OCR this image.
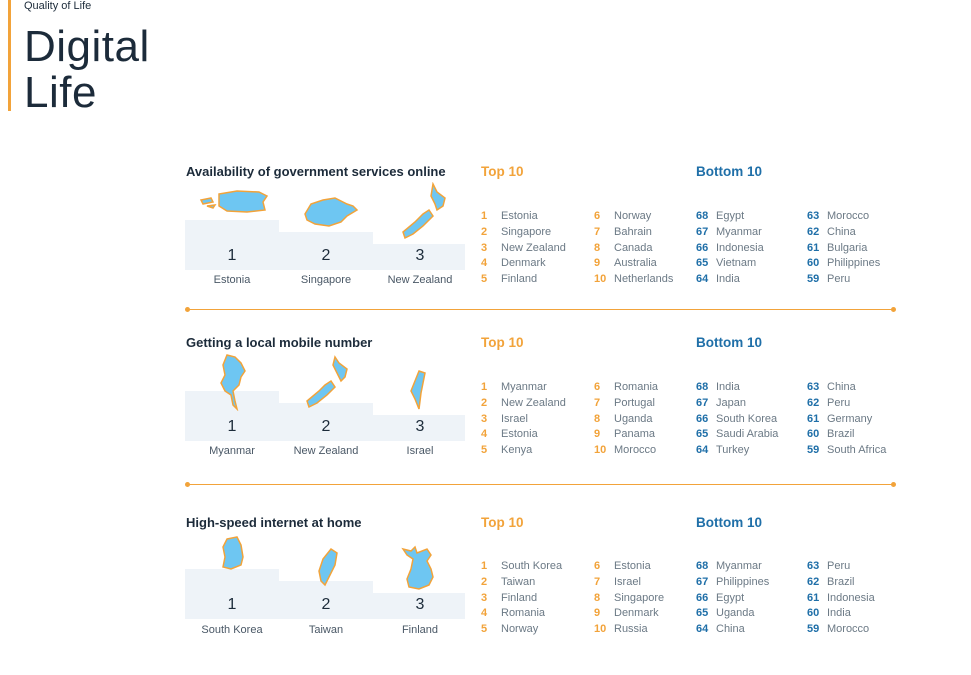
Quality of Life
Digital
Life
Availability of government services online	Top 10	Bottom 10
1	2	3
Estonia	Singapore	New Zealand
1 Estonia
2 Singapore
3 New Zealand
4 Denmark
5 Finland
6 Norway
7 Bahrain
8 Canada
9 Australia
10 Netherlands
68 Egypt
67 Myanmar
66 Indonesia
65 Vietnam
64 India
63 Morocco
62 China
61 Bulgaria
60 Philippines
59 Peru
Getting a local mobile number	Top 10	Bottom 10
1	2	3
Myanmar	New Zealand	Israel
1 Myanmar
2 New Zealand
3 Israel
4 Estonia
5 Kenya
6 Romania
7 Portugal
8 Uganda
9 Panama
10 Morocco
68 India
67 Japan
66 South Korea
65 Saudi Arabia
64 Turkey
63 China
62 Peru
61 Germany
60 Brazil
59 South Africa
High-speed internet at home	Top 10	Bottom 10
1	2	3
South Korea	Taiwan	Finland
1 South Korea
2 Taiwan
3 Finland
4 Romania
5 Norway
6 Estonia
7 Israel
8 Singapore
9 Denmark
10 Russia
68 Myanmar
67 Philippines
66 Egypt
65 Uganda
64 China
63 Peru
62 Brazil
61 Indonesia
60 India
59 Morocco
